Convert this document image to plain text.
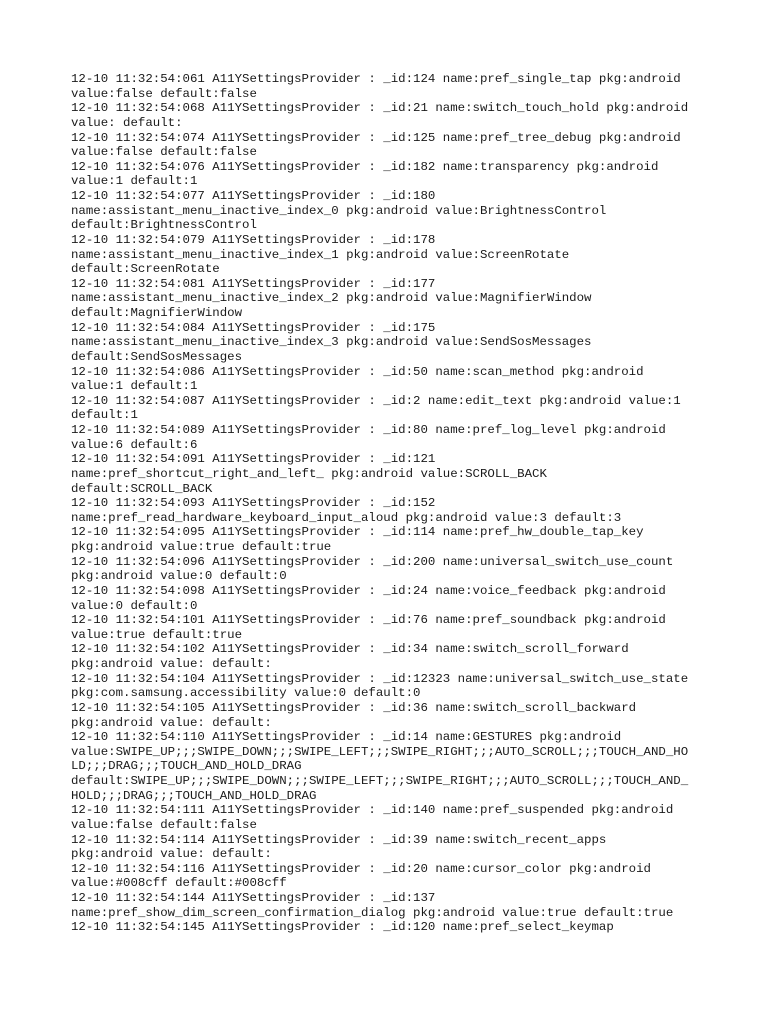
12-10 11:32:54:061 A11YSettingsProvider : _id:124 name:pref_single_tap pkg:android
value:false default:false
12-10 11:32:54:068 A11YSettingsProvider : _id:21 name:switch_touch_hold pkg:android
value: default:
12-10 11:32:54:074 A11YSettingsProvider : _id:125 name:pref_tree_debug pkg:android
value:false default:false
12-10 11:32:54:076 A11YSettingsProvider : _id:182 name:transparency pkg:android
value:1 default:1
12-10 11:32:54:077 A11YSettingsProvider : _id:180
name:assistant_menu_inactive_index_0 pkg:android value:BrightnessControl
default:BrightnessControl
12-10 11:32:54:079 A11YSettingsProvider : _id:178
name:assistant_menu_inactive_index_1 pkg:android value:ScreenRotate
default:ScreenRotate
12-10 11:32:54:081 A11YSettingsProvider : _id:177
name:assistant_menu_inactive_index_2 pkg:android value:MagnifierWindow
default:MagnifierWindow
12-10 11:32:54:084 A11YSettingsProvider : _id:175
name:assistant_menu_inactive_index_3 pkg:android value:SendSosMessages
default:SendSosMessages
12-10 11:32:54:086 A11YSettingsProvider : _id:50 name:scan_method pkg:android
value:1 default:1
12-10 11:32:54:087 A11YSettingsProvider : _id:2 name:edit_text pkg:android value:1
default:1
12-10 11:32:54:089 A11YSettingsProvider : _id:80 name:pref_log_level pkg:android
value:6 default:6
12-10 11:32:54:091 A11YSettingsProvider : _id:121
name:pref_shortcut_right_and_left_ pkg:android value:SCROLL_BACK
default:SCROLL_BACK
12-10 11:32:54:093 A11YSettingsProvider : _id:152
name:pref_read_hardware_keyboard_input_aloud pkg:android value:3 default:3
12-10 11:32:54:095 A11YSettingsProvider : _id:114 name:pref_hw_double_tap_key
pkg:android value:true default:true
12-10 11:32:54:096 A11YSettingsProvider : _id:200 name:universal_switch_use_count
pkg:android value:0 default:0
12-10 11:32:54:098 A11YSettingsProvider : _id:24 name:voice_feedback pkg:android
value:0 default:0
12-10 11:32:54:101 A11YSettingsProvider : _id:76 name:pref_soundback pkg:android
value:true default:true
12-10 11:32:54:102 A11YSettingsProvider : _id:34 name:switch_scroll_forward
pkg:android value: default:
12-10 11:32:54:104 A11YSettingsProvider : _id:12323 name:universal_switch_use_state
pkg:com.samsung.accessibility value:0 default:0
12-10 11:32:54:105 A11YSettingsProvider : _id:36 name:switch_scroll_backward
pkg:android value: default:
12-10 11:32:54:110 A11YSettingsProvider : _id:14 name:GESTURES pkg:android
value:SWIPE_UP;;;SWIPE_DOWN;;;SWIPE_LEFT;;;SWIPE_RIGHT;;;AUTO_SCROLL;;;TOUCH_AND_HO
LD;;;DRAG;;;TOUCH_AND_HOLD_DRAG
default:SWIPE_UP;;;SWIPE_DOWN;;;SWIPE_LEFT;;;SWIPE_RIGHT;;;AUTO_SCROLL;;;TOUCH_AND_
HOLD;;;DRAG;;;TOUCH_AND_HOLD_DRAG
12-10 11:32:54:111 A11YSettingsProvider : _id:140 name:pref_suspended pkg:android
value:false default:false
12-10 11:32:54:114 A11YSettingsProvider : _id:39 name:switch_recent_apps
pkg:android value: default:
12-10 11:32:54:116 A11YSettingsProvider : _id:20 name:cursor_color pkg:android
value:#008cff default:#008cff
12-10 11:32:54:144 A11YSettingsProvider : _id:137
name:pref_show_dim_screen_confirmation_dialog pkg:android value:true default:true
12-10 11:32:54:145 A11YSettingsProvider : _id:120 name:pref_select_keymap
